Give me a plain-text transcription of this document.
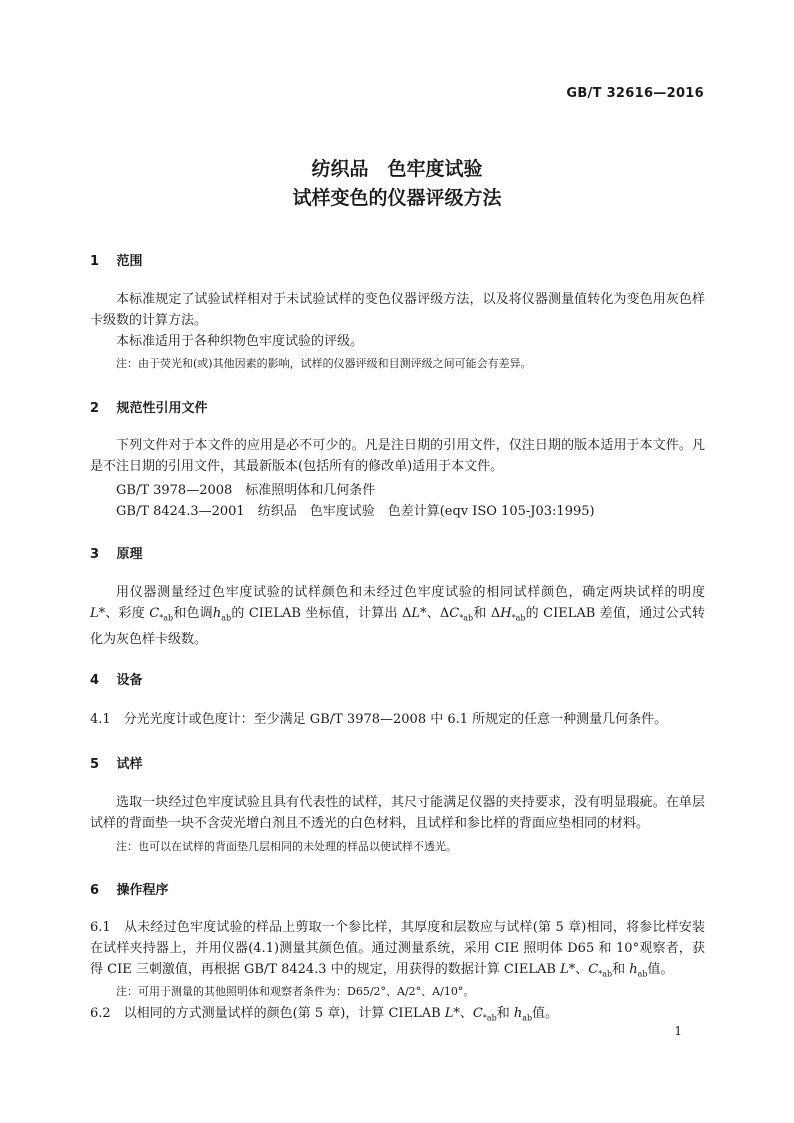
GB/T 32616—2016
纺织品　色牢度试验
试样变色的仪器评级方法
1 范围
本标准规定了试验试样相对于未试验试样的变色仪器评级方法，以及将仪器测量值转化为变色用灰色样卡级数的计算方法。
本标准适用于各种织物色牢度试验的评级。
注：由于荧光和(或)其他因素的影响，试样的仪器评级和目测评级之间可能会有差异。
2 规范性引用文件
下列文件对于本文件的应用是必不可少的。凡是注日期的引用文件，仅注日期的版本适用于本文件。凡是不注日期的引用文件，其最新版本(包括所有的修改单)适用于本文件。
GB/T 3978—2008　标准照明体和几何条件
GB/T 8424.3—2001　纺织品　色牢度试验　色差计算(eqv ISO 105-J03:1995)
3 原理
用仪器测量经过色牢度试验的试样颜色和未经过色牢度试验的相同试样颜色，确定两块试样的明度 L*、彩度 $C_{*ab}$和色调$h_{ab}$的 CIELAB 坐标值，计算出 ΔL*、$\Delta C_{*ab}$和 $\Delta H_{*ab}$的 CIELAB 差值，通过公式转化为灰色样卡级数。
4 设备
4.1　分光光度计或色度计：至少满足 GB/T 3978—2008 中 6.1 所规定的任意一种测量几何条件。
5 试样
选取一块经过色牢度试验且具有代表性的试样，其尺寸能满足仪器的夹持要求，没有明显瑕疵。在单层试样的背面垫一块不含荧光增白剂且不透光的白色材料，且试样和参比样的背面应垫相同的材料。
注：也可以在试样的背面垫几层相同的未处理的样品以使试样不透光。
6 操作程序
6.1　从未经过色牢度试验的样品上剪取一个参比样，其厚度和层数应与试样(第 5 章)相同，将参比样安装在试样夹持器上，并用仪器(4.1)测量其颜色值。通过测量系统，采用 CIE 照明体 D65 和 10°观察者，获得 CIE 三刺激值，再根据 GB/T 8424.3 中的规定，用获得的数据计算 CIELAB L*、$C_{*ab}$和 $h_{ab}$值。
注：可用于测量的其他照明体和观察者条件为：D65/2°、A/2°、A/10°。
6.2　以相同的方式测量试样的颜色(第 5 章)，计算 CIELAB L*、$C_{*ab}$和 $h_{ab}$值。
1
